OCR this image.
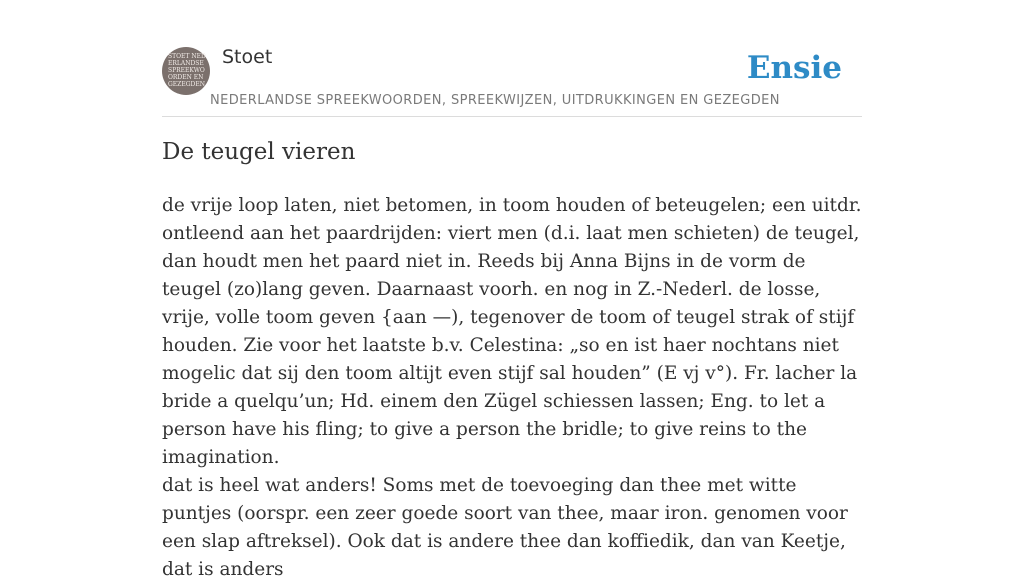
STOET NEDERLANDSE SPREEKWOORDEN EN GEZEGDEN
Stoet
NEDERLANDSE SPREEKWOORDEN, SPREEKWIJZEN, UITDRUKKINGEN EN GEZEGDEN
Ensie
De teugel vieren

de vrije loop laten, niet betomen, in toom houden of beteugelen; een uitdr. ontleend aan het paardrijden: viert men (d.i. laat men schieten) de teugel, dan houdt men het paard niet in. Reeds bij Anna Bijns in de vorm de teugel (zo)lang geven. Daarnaast voorh. en nog in Z.-Nederl. de losse, vrije, volle toom geven {aan —), tegenover de toom of teugel strak of stijf houden. Zie voor het laatste b.v. Celestina: „so en ist haer nochtans niet mogelic dat sij den toom altijt even stijf sal houden” (E vj v°). Fr. lacher la bride a quelqu’un; Hd. einem den Zügel schiessen lassen; Eng. to let a person have his fling; to give a person the bridle; to give reins to the imagination.

dat is heel wat anders! Soms met de toevoeging dan thee met witte puntjes (oorspr. een zeer goede soort van thee, maar iron. genomen voor een slap aftreksel). Ook dat is andere thee dan koffiedik, dan van Keetje, dat is anders
